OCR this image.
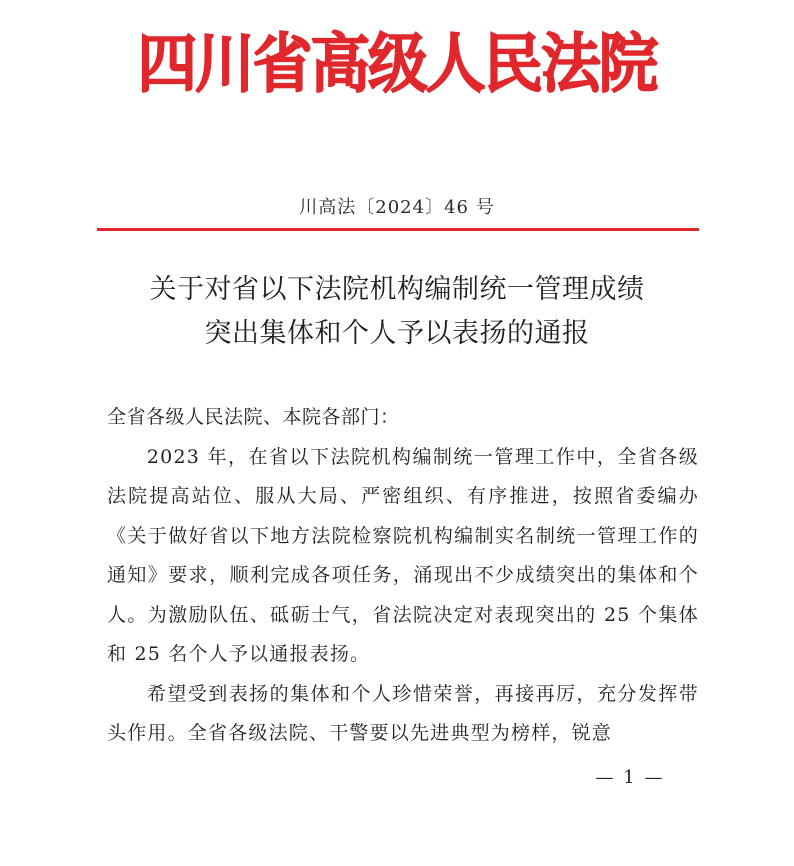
四川省高级人民法院
川高法〔2024〕46 号
关于对省以下法院机构编制统一管理成绩
突出集体和个人予以表扬的通报

全省各级人民法院、本院各部门：

2023 年，在省以下法院机构编制统一管理工作中，全省各级法院提高站位、服从大局、严密组织、有序推进，按照省委编办《关于做好省以下地方法院检察院机构编制实名制统一管理工作的通知》要求，顺利完成各项任务，涌现出不少成绩突出的集体和个人。为激励队伍、砥砺士气，省法院决定对表现突出的 25 个集体和 25 名个人予以通报表扬。

希望受到表扬的集体和个人珍惜荣誉，再接再厉，充分发挥带头作用。全省各级法院、干警要以先进典型为榜样，锐意

— 1 —
